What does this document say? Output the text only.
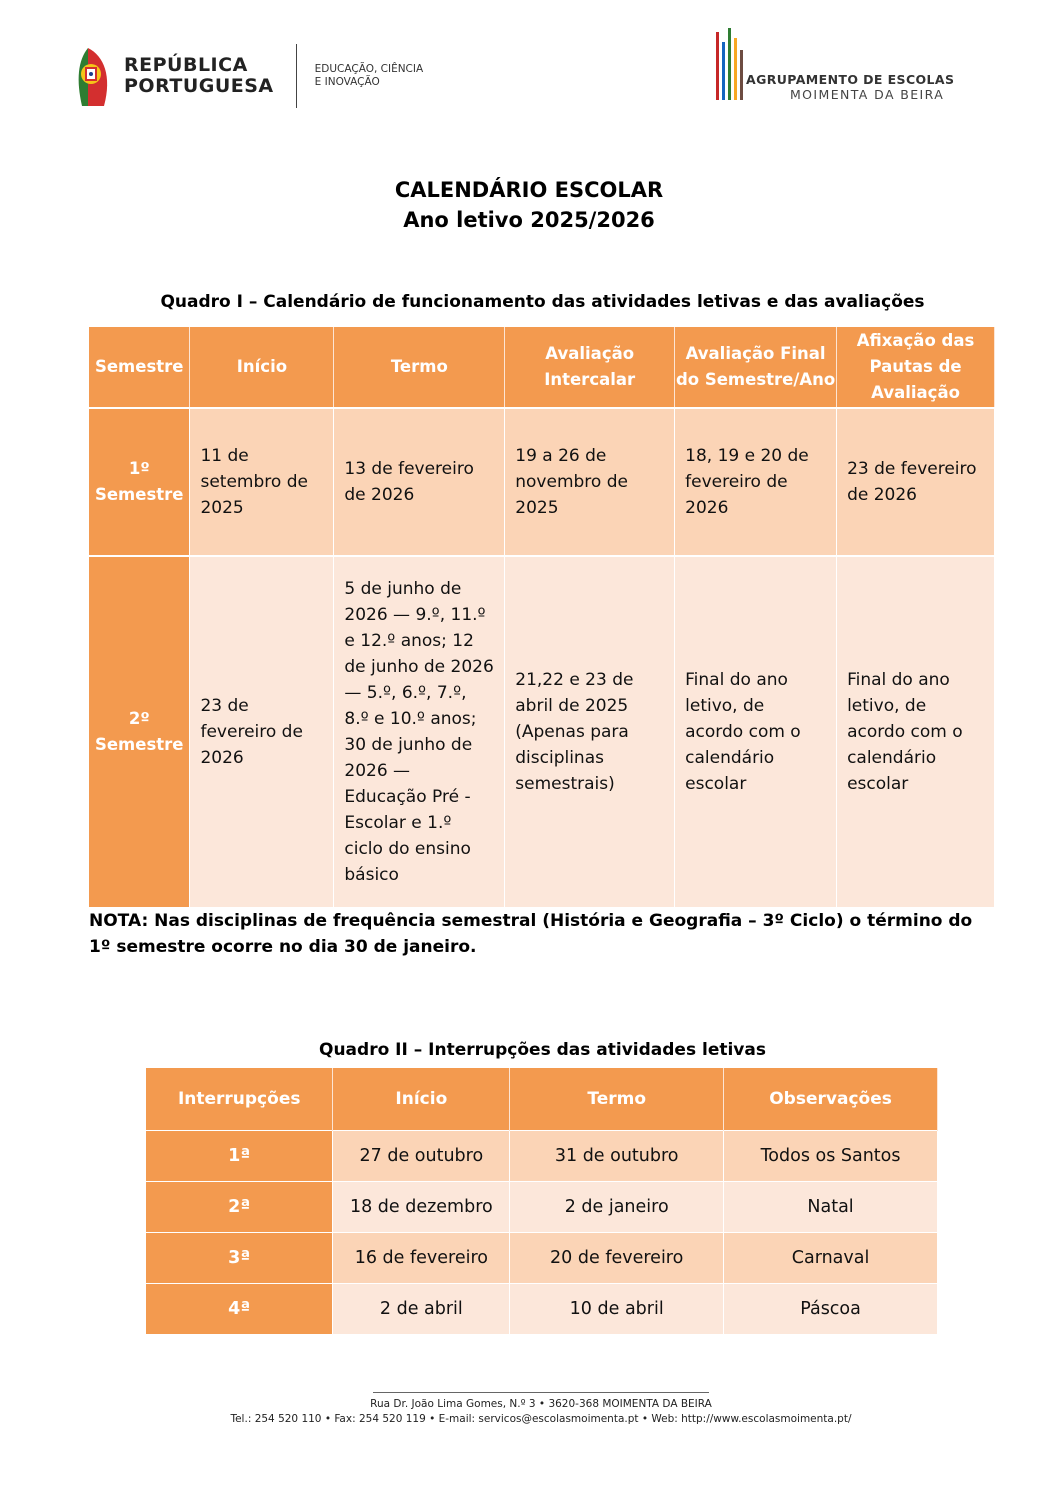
REPÚBLICA
PORTUGUESA
EDUCAÇÃO, CIÊNCIA
E INOVAÇÃO	AGRUPAMENTO DE ESCOLAS
MOIMENTA DA BEIRA
CALENDÁRIO ESCOLAR
Ano letivo 2025/2026
Quadro I – Calendário de funcionamento das atividades letivas e das avaliações
Semestre	Início	Termo	Avaliação Intercalar	Avaliação Final do Semestre/Ano	Afixação das Pautas de Avaliação
1º Semestre	11 de setembro de 2025	13 de fevereiro de 2026	19 a 26 de novembro de 2025	18, 19 e 20 de fevereiro de 2026	23 de fevereiro de 2026
2º Semestre	23 de fevereiro de 2026	5 de junho de 2026 — 9.º, 11.º e 12.º anos; 12 de junho de 2026 — 5.º, 6.º, 7.º, 8.º e 10.º anos; 30 de junho de 2026 — Educação Pré - Escolar e 1.º ciclo do ensino básico	21,22 e 23 de abril de 2025 (Apenas para disciplinas semestrais)	Final do ano letivo, de acordo com o calendário escolar	Final do ano letivo, de acordo com o calendário escolar
NOTA: Nas disciplinas de frequência semestral (História e Geografia – 3º Ciclo) o término do 1º semestre ocorre no dia 30 de janeiro.
Quadro II – Interrupções das atividades letivas
Interrupções	Início	Termo	Observações
1ª	27 de outubro	31 de outubro	Todos os Santos
2ª	18 de dezembro	2 de janeiro	Natal
3ª	16 de fevereiro	20 de fevereiro	Carnaval
4ª	2 de abril	10 de abril	Páscoa
Rua Dr. João Lima Gomes, N.º 3 • 3620-368 MOIMENTA DA BEIRA
Tel.: 254 520 110 • Fax: 254 520 119 • E-mail: servicos@escolasmoimenta.pt • Web: http://www.escolasmoimenta.pt/
